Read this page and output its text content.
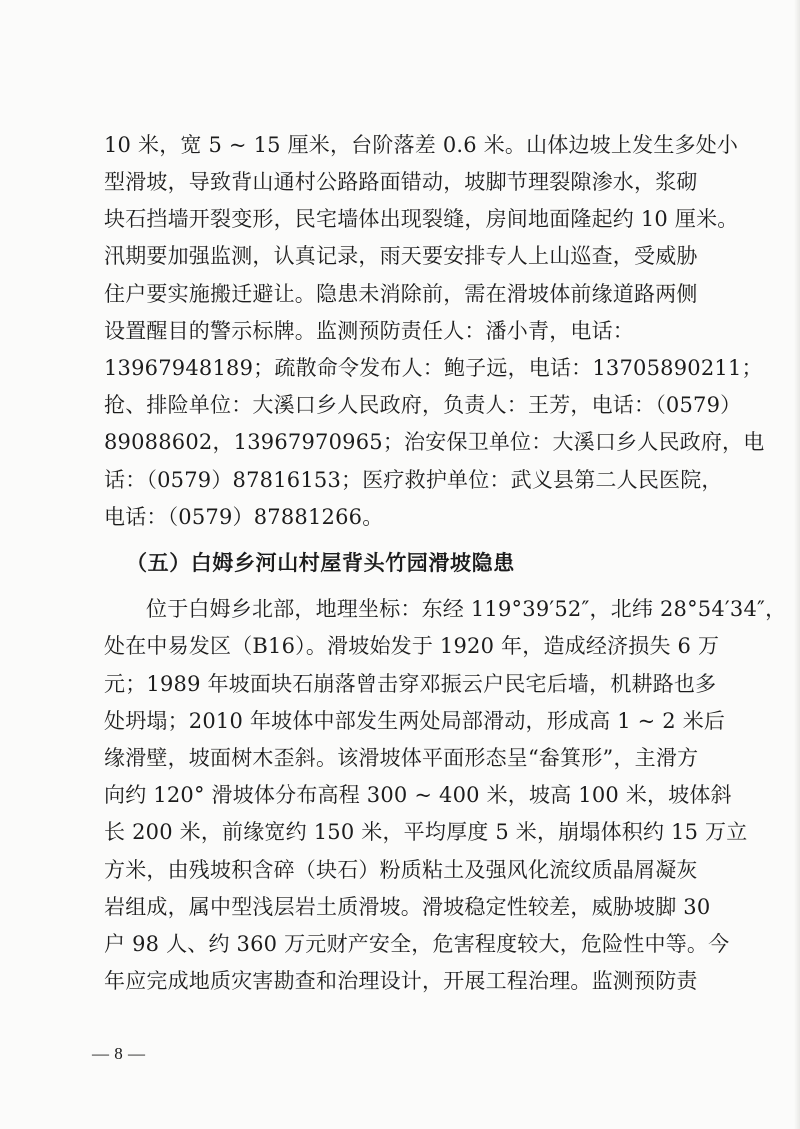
10 米，宽 5 ~ 15 厘米，台阶落差 0.6 米。山体边坡上发生多处小
型滑坡，导致背山通村公路路面错动，坡脚节理裂隙渗水，浆砌
块石挡墙开裂变形，民宅墙体出现裂缝，房间地面隆起约 10 厘米。
汛期要加强监测，认真记录，雨天要安排专人上山巡查，受威胁
住户要实施搬迁避让。隐患未消除前，需在滑坡体前缘道路两侧
设置醒目的警示标牌。监测预防责任人：潘小青，电话：
13967948189；疏散命令发布人：鲍子远，电话：13705890211；
抢、排险单位：大溪口乡人民政府，负责人：王芳，电话：（0579）
89088602，13967970965；治安保卫单位：大溪口乡人民政府，电
话：（0579）87816153；医疗救护单位：武义县第二人民医院，
电话：（0579）87881266。
（五）白姆乡河山村屋背头竹园滑坡隐患
位于白姆乡北部，地理坐标：东经 119°39′52″，北纬 28°54′34″，
处在中易发区（B16）。滑坡始发于 1920 年，造成经济损失 6 万
元；1989 年坡面块石崩落曾击穿邓振云户民宅后墙，机耕路也多
处坍塌；2010 年坡体中部发生两处局部滑动，形成高 1 ~ 2 米后
缘滑壁，坡面树木歪斜。该滑坡体平面形态呈“畚箕形”，主滑方
向约 120° 滑坡体分布高程 300 ~ 400 米，坡高 100 米，坡体斜
长 200 米，前缘宽约 150 米，平均厚度 5 米，崩塌体积约 15 万立
方米，由残坡积含碎（块石）粉质粘土及强风化流纹质晶屑凝灰
岩组成，属中型浅层岩土质滑坡。滑坡稳定性较差，威胁坡脚 30
户 98 人、约 360 万元财产安全，危害程度较大，危险性中等。今
年应完成地质灾害勘查和治理设计，开展工程治理。监测预防责
— 8 —
